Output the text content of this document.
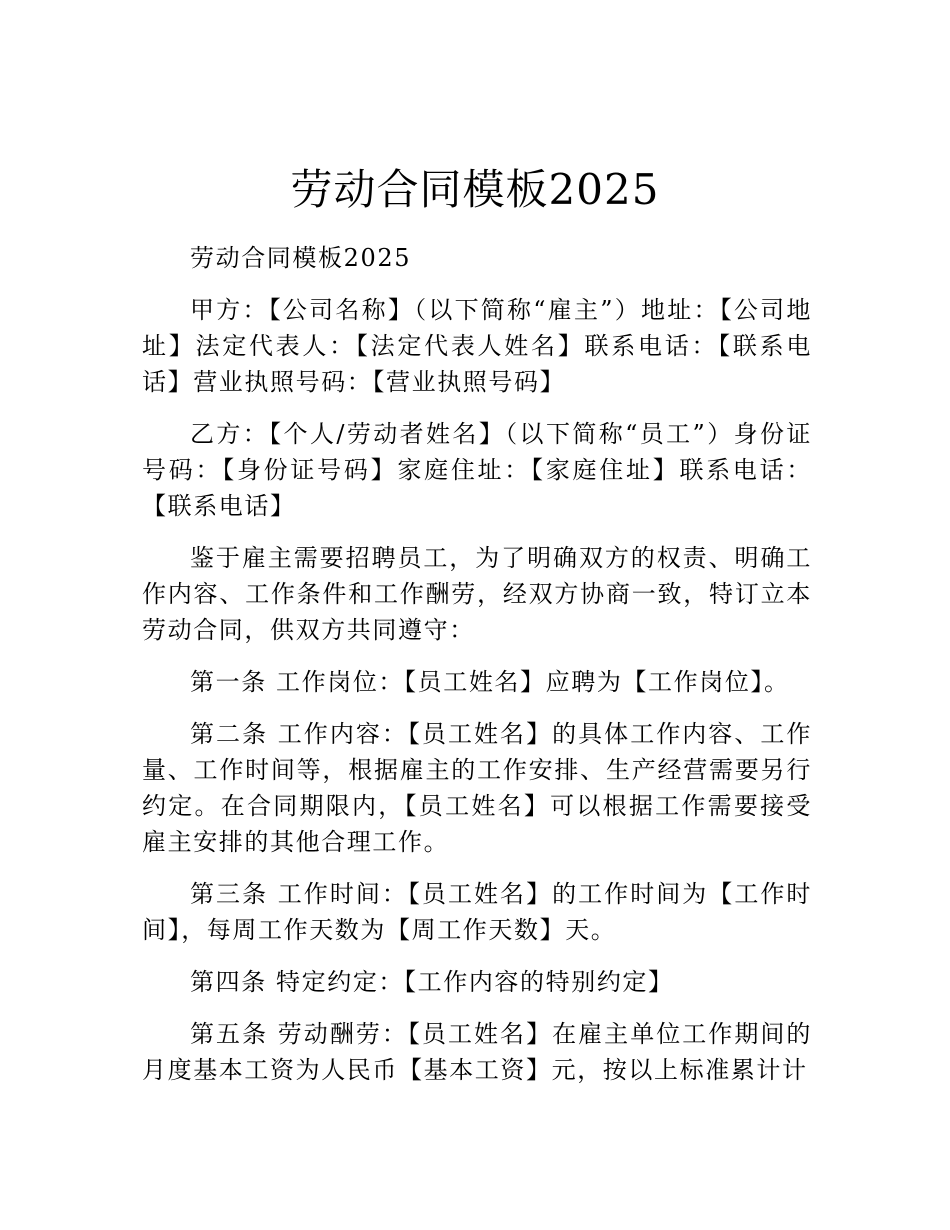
劳动合同模板2025

劳动合同模板2025

甲方：【公司名称】（以下简称“雇主”）地址：【公司地址】法定代表人：【法定代表人姓名】联系电话：【联系电话】营业执照号码：【营业执照号码】

乙方：【个人/劳动者姓名】（以下简称“员工”）身份证号码：【身份证号码】家庭住址：【家庭住址】联系电话：【联系电话】

鉴于雇主需要招聘员工，为了明确双方的权责、明确工作内容、工作条件和工作酬劳，经双方协商一致，特订立本劳动合同，供双方共同遵守：

第一条 工作岗位：【员工姓名】应聘为【工作岗位】。

第二条 工作内容：【员工姓名】的具体工作内容、工作量、工作时间等，根据雇主的工作安排、生产经营需要另行约定。在合同期限内，【员工姓名】可以根据工作需要接受雇主安排的其他合理工作。

第三条 工作时间：【员工姓名】的工作时间为【工作时间】，每周工作天数为【周工作天数】天。

第四条 特定约定：【工作内容的特别约定】

第五条 劳动酬劳：【员工姓名】在雇主单位工作期间的月度基本工资为人民币【基本工资】元，按以上标准累计计
